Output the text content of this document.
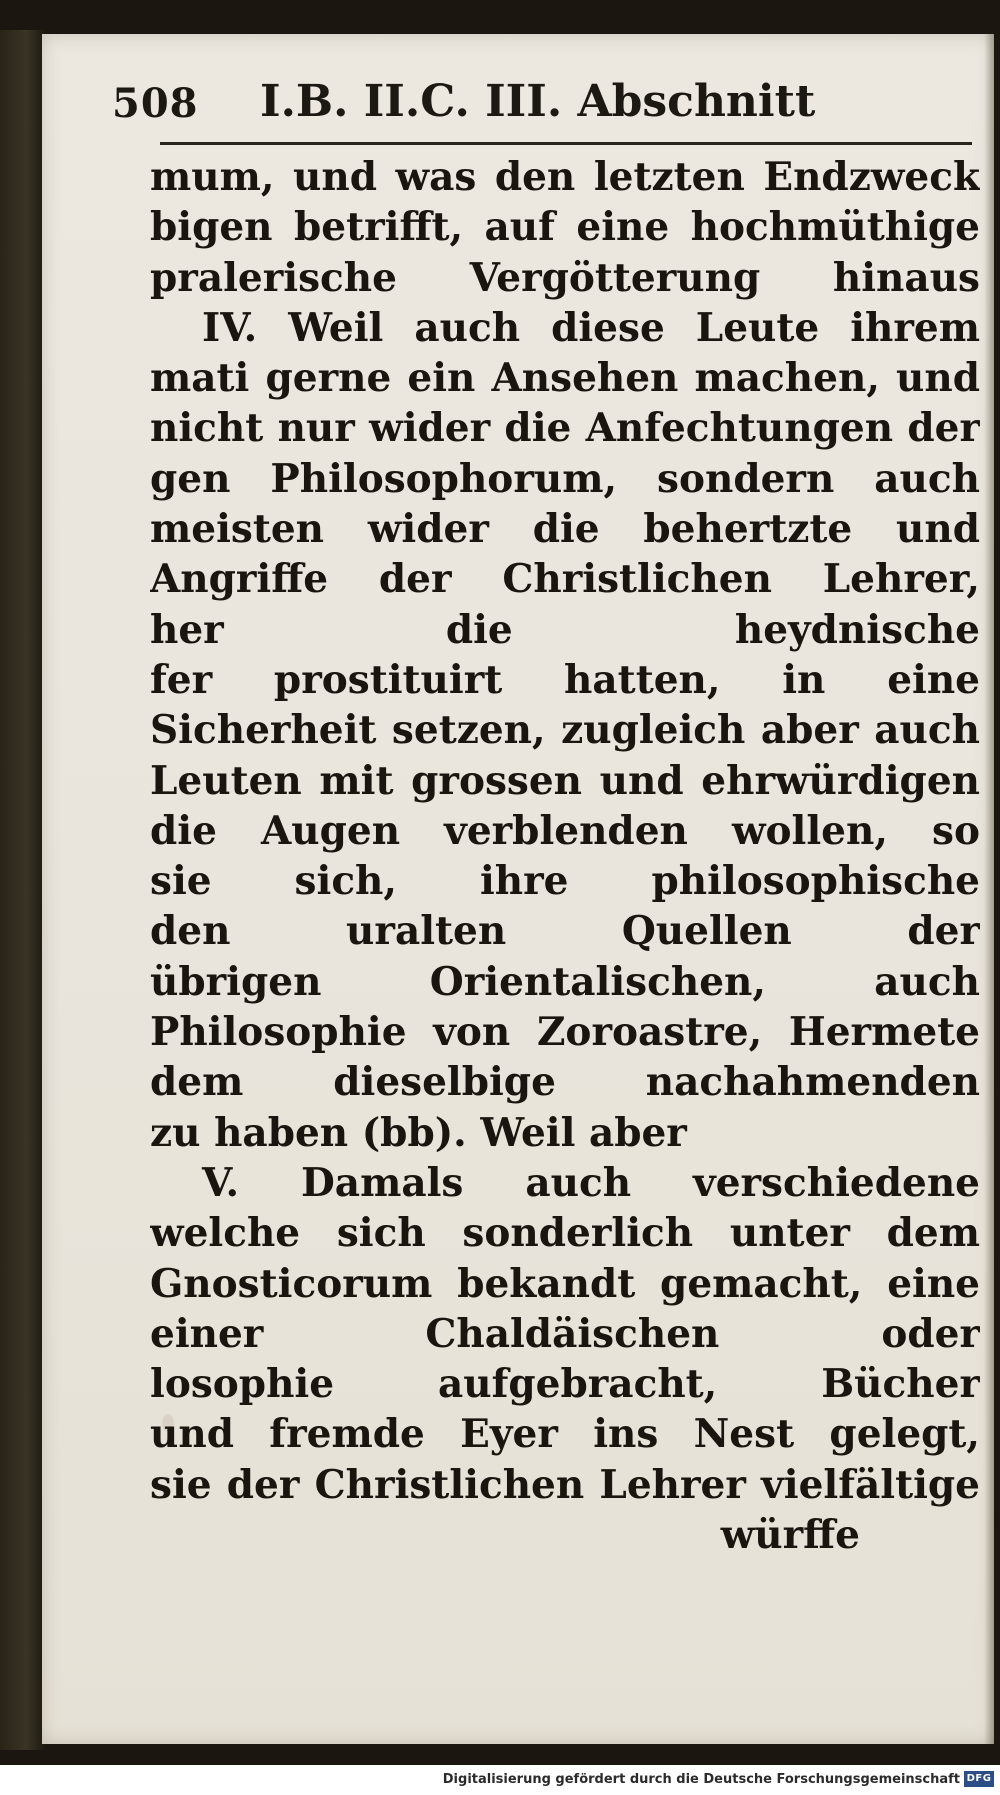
508 I.B. II.C. III. Abschnitt
mum, und was den letzten Endzweck
bigen betrifft, auf eine hochmüthige
pralerische Vergötterung hinaus
IV. Weil auch diese Leute ihrem
mati gerne ein Ansehen machen, und
nicht nur wider die Anfechtungen der
gen Philosophorum, sondern auch
meisten wider die behertzte und
Angriffe der Christlichen Lehrer,
her die heydnische
fer prostituirt hatten, in eine
Sicherheit setzen, zugleich aber auch
Leuten mit grossen und ehrwürdigen
die Augen verblenden wollen, so
sie sich, ihre philosophische
den uralten Quellen der
übrigen Orientalischen, auch
Philosophie von Zoroastre, Hermete
dem dieselbige nachahmenden
zu haben (bb). Weil aber
V. Damals auch verschiedene
welche sich sonderlich unter dem
Gnosticorum bekandt gemacht, eine
einer Chaldäischen oder
losophie aufgebracht, Bücher
und fremde Eyer ins Nest gelegt,
sie der Christlichen Lehrer vielfältige
würffe
Digitalisierung gefördert durch die Deutsche Forschungsgemeinschaft DFG
